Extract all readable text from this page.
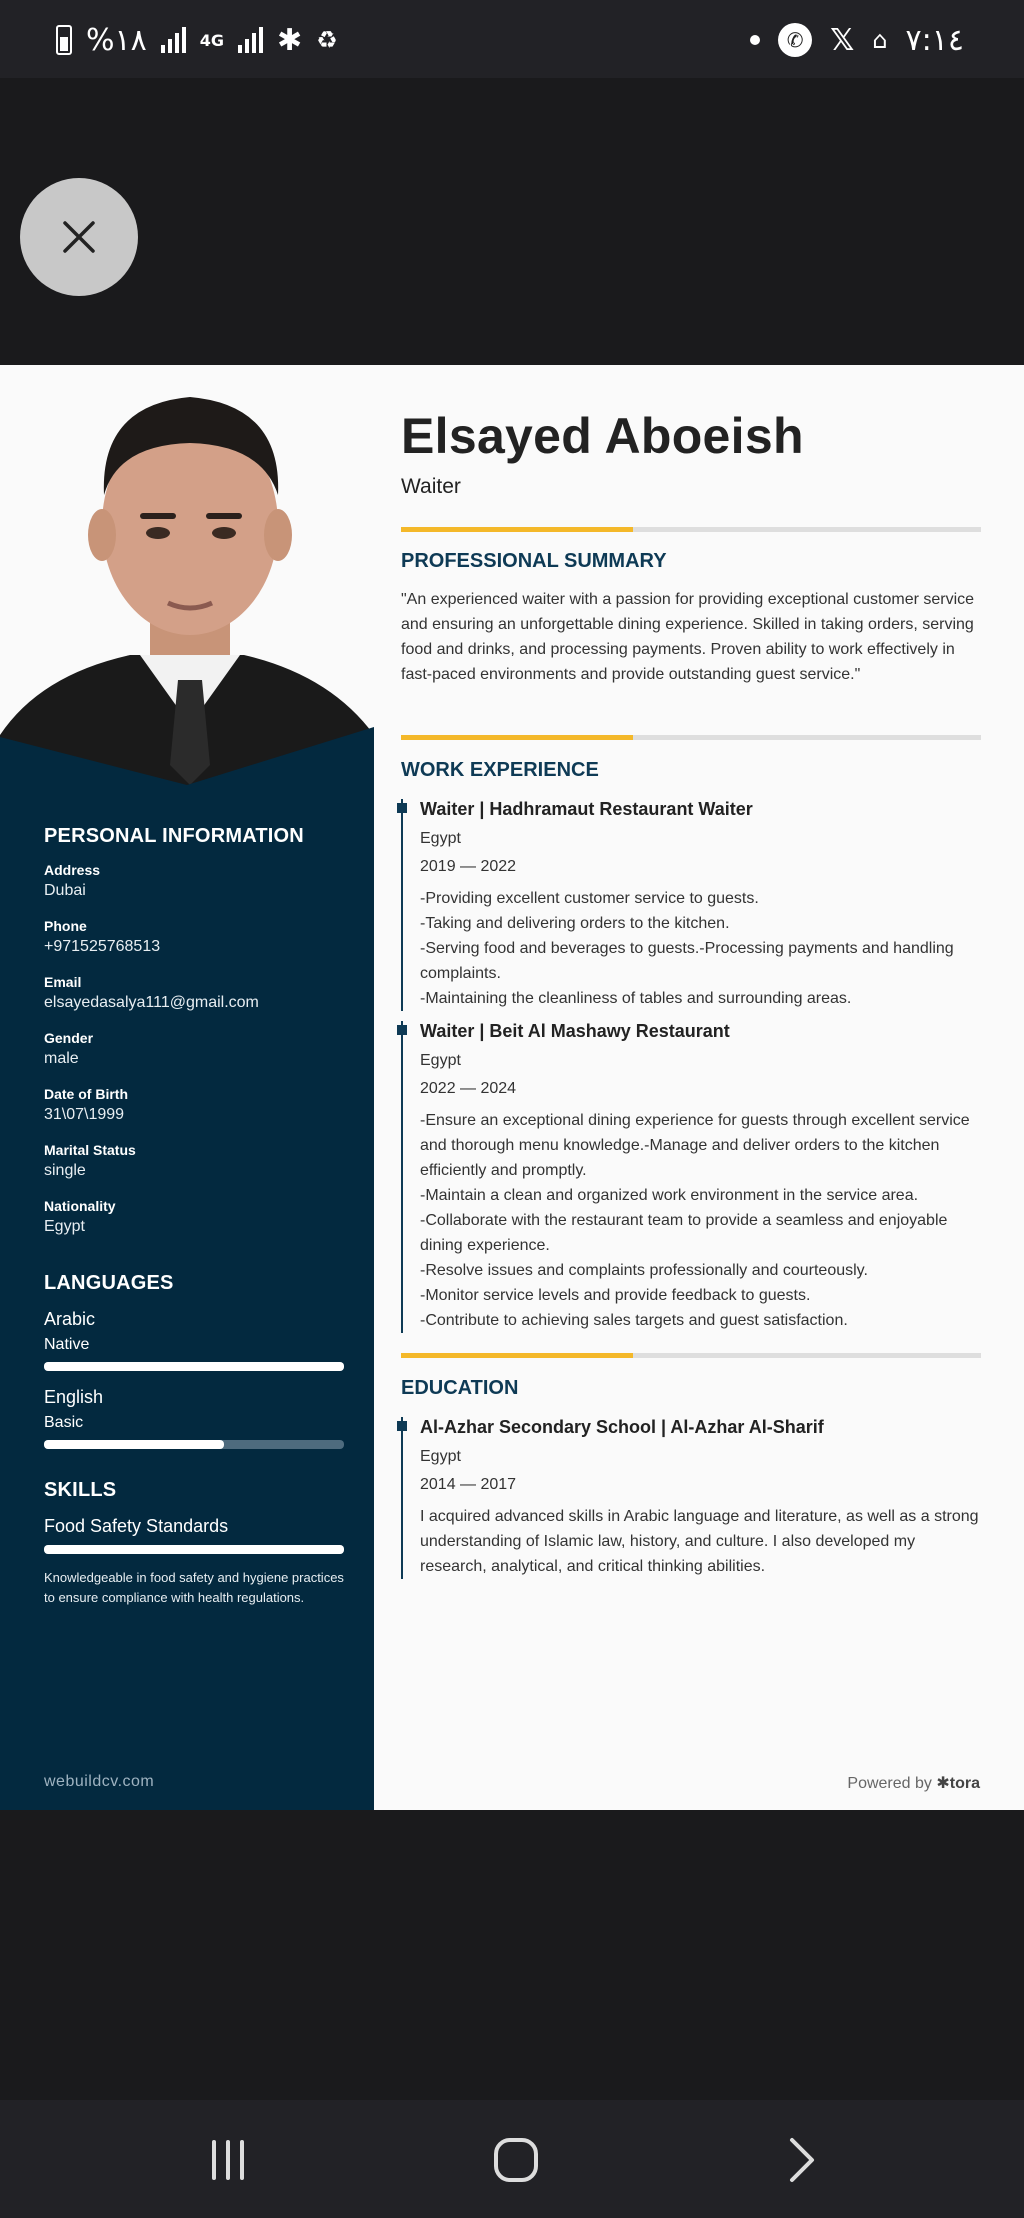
%١٨	4G ✱ ♻	✆ 𝕏 ⌂ ٧:١٤
PERSONAL INFORMATION
Address
Dubai
Phone
+971525768513
Email
elsayedasalya111@gmail.com
Gender
male
Date of Birth
31\07\1999
Marital Status
single
Nationality
Egypt
LANGUAGES
Arabic
Native
English
Basic
SKILLS
Food Safety Standards
Knowledgeable in food safety and hygiene practices to ensure compliance with health regulations.
webuildcv.com
Elsayed Aboeish
Waiter
PROFESSIONAL SUMMARY
"An experienced waiter with a passion for providing exceptional customer service and ensuring an unforgettable dining experience. Skilled in taking orders, serving food and drinks, and processing payments. Proven ability to work effectively in fast-paced environments and provide outstanding guest service."
WORK EXPERIENCE
Waiter | Hadhramaut Restaurant Waiter
Egypt
2019 — 2022
-Providing excellent customer service to guests.
-Taking and delivering orders to the kitchen.
-Serving food and beverages to guests.-Processing payments and handling complaints.
-Maintaining the cleanliness of tables and surrounding areas.
Waiter | Beit Al Mashawy Restaurant
Egypt
2022 — 2024
-Ensure an exceptional dining experience for guests through excellent service and thorough menu knowledge.-Manage and deliver orders to the kitchen efficiently and promptly.
-Maintain a clean and organized work environment in the service area.
-Collaborate with the restaurant team to provide a seamless and enjoyable dining experience.
-Resolve issues and complaints professionally and courteously.
-Monitor service levels and provide feedback to guests.
-Contribute to achieving sales targets and guest satisfaction.
EDUCATION
Al-Azhar Secondary School | Al-Azhar Al-Sharif
Egypt
2014 — 2017
I acquired advanced skills in Arabic language and literature, as well as a strong understanding of Islamic law, history, and culture. I also developed my research, analytical, and critical thinking abilities.
Powered by ✱tora
